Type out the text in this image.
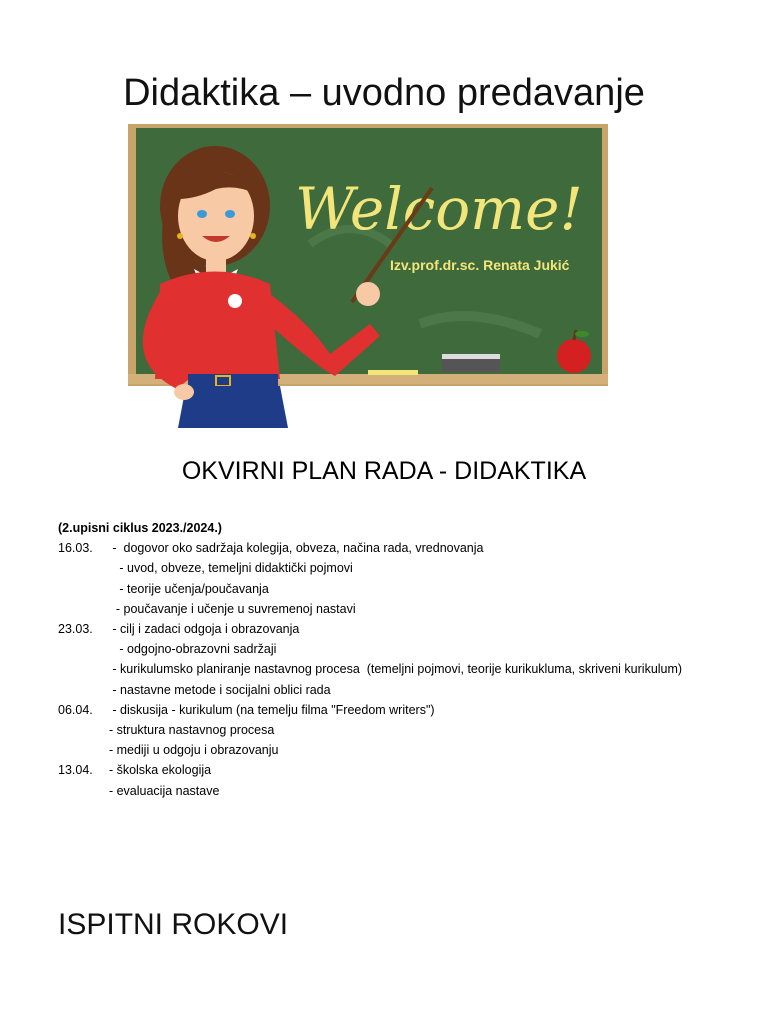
Didaktika – uvodno predavanje
Welcome!
Izv.prof.dr.sc. Renata Jukić
OKVIRNI PLAN RADA - DIDAKTIKA
(2.upisni ciklus 2023./2024.)
16.03. -  dogovor oko sadržaja kolegija, obveza, načina rada, vrednovanja
- uvod, obveze, temeljni didaktički pojmovi
- teorije učenja/poučavanja
- poučavanje i učenje u suvremenoj nastavi
23.03. - cilj i zadaci odgoja i obrazovanja
- odgojno-obrazovni sadržaji
- kurikulumsko planiranje nastavnog procesa  (temeljni pojmovi, teorije kurikukluma, skriveni kurikulum)
- nastavne metode i socijalni oblici rada
06.04. - diskusija - kurikulum (na temelju filma "Freedom writers")
- struktura nastavnog procesa
- mediji u odgoju i obrazovanju
13.04. - školska ekologija
- evaluacija nastave
ISPITNI ROKOVI
